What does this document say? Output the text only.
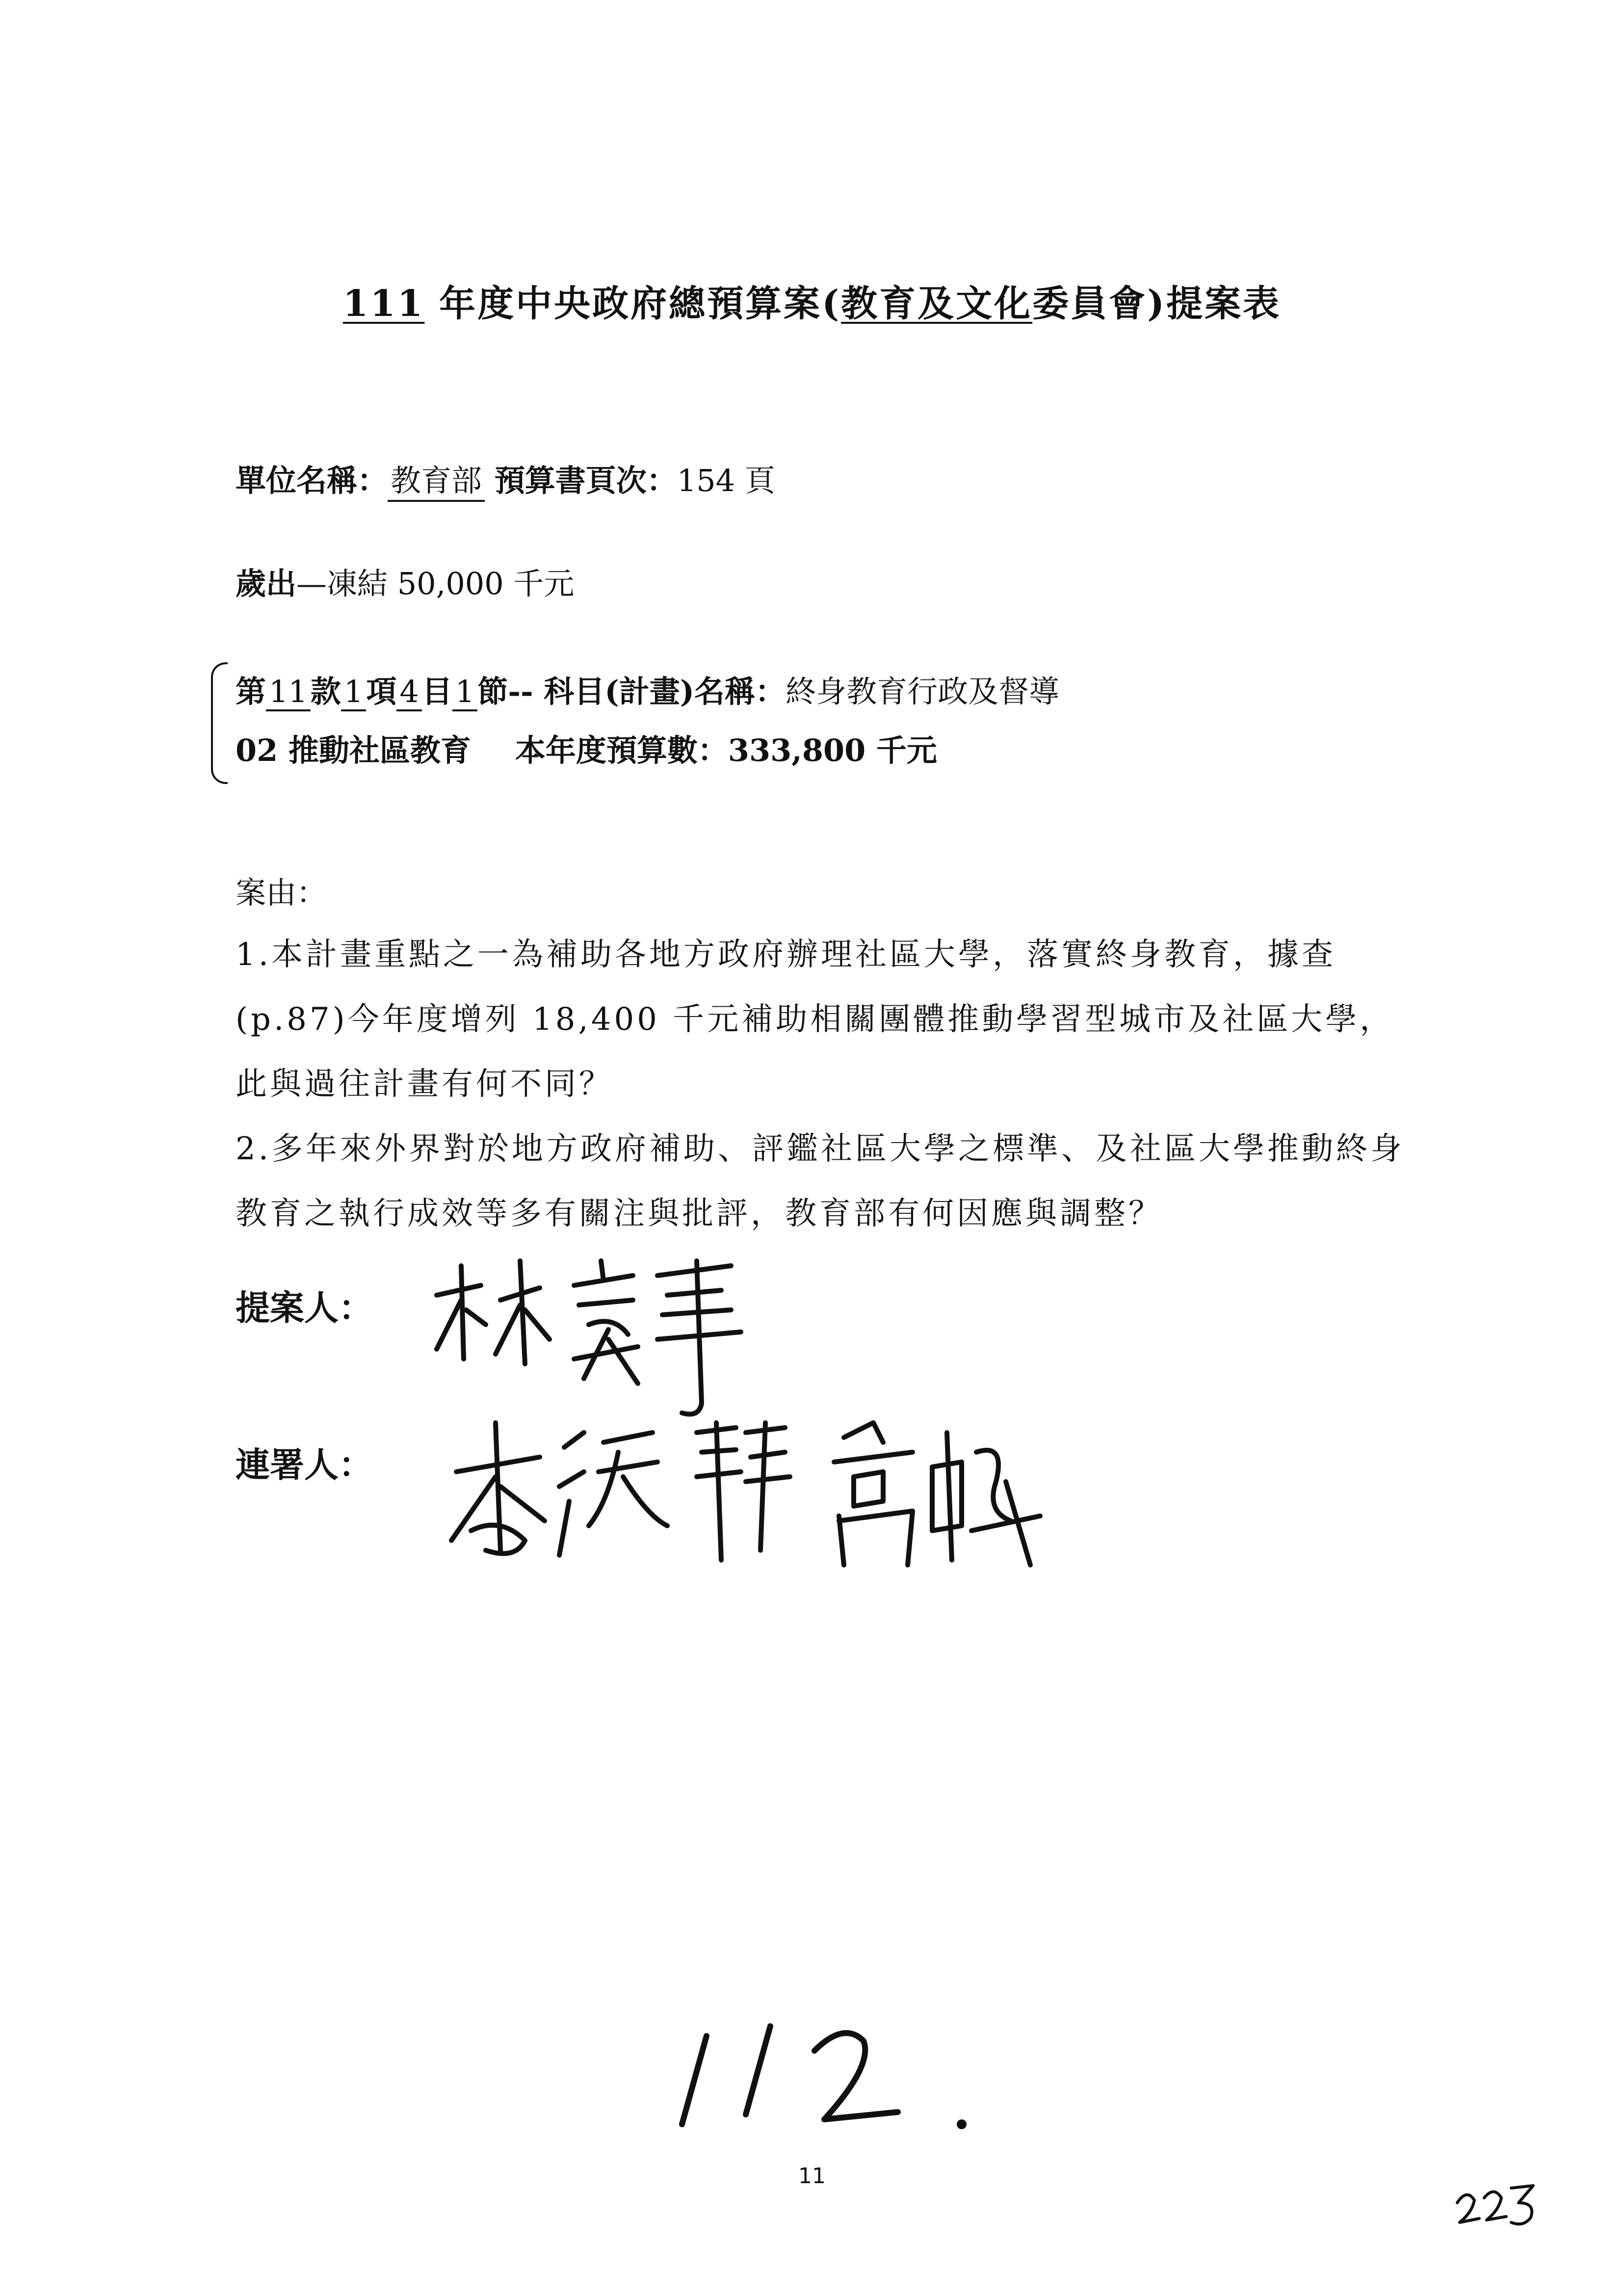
111 年度中央政府總預算案(教育及文化委員會)提案表
單位名稱：教育部 預算書頁次：154 頁
歲出—凍結 50,000 千元
第11款1項4目1節-- 科目(計畫)名稱：終身教育行政及督導
02 推動社區教育 本年度預算數：333,800 千元
案由：
1.本計畫重點之一為補助各地方政府辦理社區大學，落實終身教育，據查(p.87)今年度增列 18,400 千元補助相關團體推動學習型城市及社區大學，此與過往計畫有何不同？
2.多年來外界對於地方政府補助、評鑑社區大學之標準、及社區大學推動終身教育之執行成效等多有關注與批評，教育部有何因應與調整？
提案人：
連署人：
11
